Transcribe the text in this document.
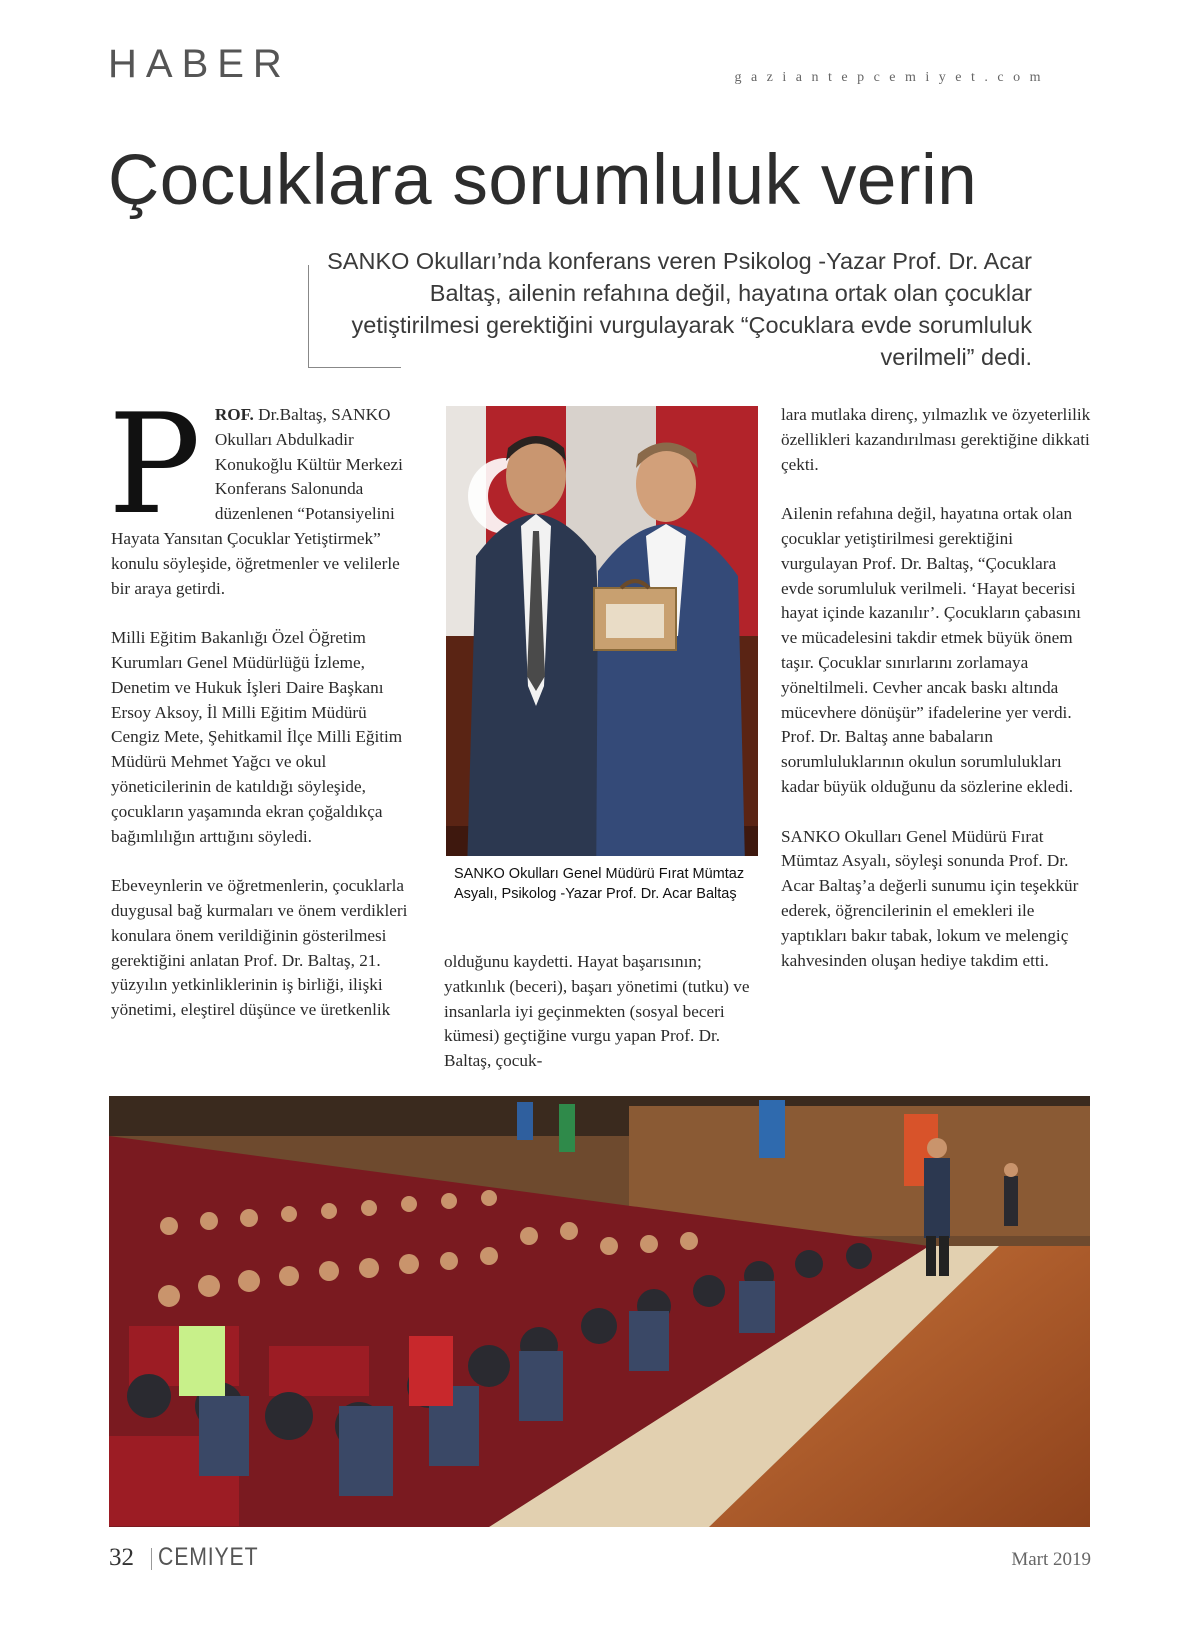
HABER	gaziantepcemiyet.com
Çocuklara sorumluluk verin

SANKO Okulları’nda konferans veren Psikolog -Yazar Prof. Dr. Acar Baltaş, ailenin refahına değil, hayatına ortak olan çocuklar yetiştirilmesi gerektiğini vurgulayarak “Çocuklara evde sorumluluk verilmeli” dedi.

PROF. Dr.Baltaş, SANKO Okulları Abdulkadir Konukoğlu Kültür Merkezi Konferans Salonunda düzenlenen “Potansiyelini Hayata Yansıtan Çocuklar Yetiştirmek” konulu söyleşide, öğretmenler ve velilerle bir araya getirdi.

Milli Eğitim Bakanlığı Özel Öğretim Kurumları Genel Müdürlüğü İzleme, Denetim ve Hukuk İşleri Daire Başkanı Ersoy Aksoy, İl Milli Eğitim Müdürü Cengiz Mete, Şehitkamil İlçe Milli Eğitim Müdürü Mehmet Yağcı ve okul yöneticilerinin de katıldığı söyleşide, çocukların yaşamında ekran çoğaldıkça bağımlılığın arttığını söyledi.

Ebeveynlerin ve öğretmenlerin, çocuklarla duygusal bağ kurmaları ve önem verdikleri konulara önem verildiğinin gösterilmesi gerektiğini anlatan Prof. Dr. Baltaş, 21. yüzyılın yetkinliklerinin iş birliği, ilişki yönetimi, eleştirel düşünce ve üretkenlik

SANKO Okulları Genel Müdürü Fırat Mümtaz Asyalı, Psikolog -Yazar Prof. Dr. Acar Baltaş

olduğunu kaydetti. Hayat başarısının; yatkınlık (beceri), başarı yönetimi (tutku) ve insanlarla iyi geçinmekten (sosyal beceri kümesi) geçtiğine vurgu yapan Prof. Dr. Baltaş, çocuk-

lara mutlaka direnç, yılmazlık ve özyeterlilik özellikleri kazandırılması gerektiğine dikkati çekti.

Ailenin refahına değil, hayatına ortak olan çocuklar yetiştirilmesi gerektiğini vurgulayan Prof. Dr. Baltaş, “Çocuklara evde sorumluluk verilmeli. ‘Hayat becerisi hayat içinde kazanılır’. Çocukların çabasını ve mücadelesini takdir etmek büyük önem taşır. Çocuklar sınırlarını zorlamaya yöneltilmeli. Cevher ancak baskı altında mücevhere dönüşür” ifadelerine yer verdi. Prof. Dr. Baltaş anne babaların sorumluluklarının okulun sorumlulukları kadar büyük olduğunu da sözlerine ekledi.

SANKO Okulları Genel Müdürü Fırat Mümtaz Asyalı, söyleşi sonunda Prof. Dr. Acar Baltaş’a değerli sunumu için teşekkür ederek, öğrencilerinin el emekleri ile yaptıkları bakır tabak, lokum ve melengiç kahvesinden oluşan hediye takdim etti.

32 CEMIYET	Mart 2019
